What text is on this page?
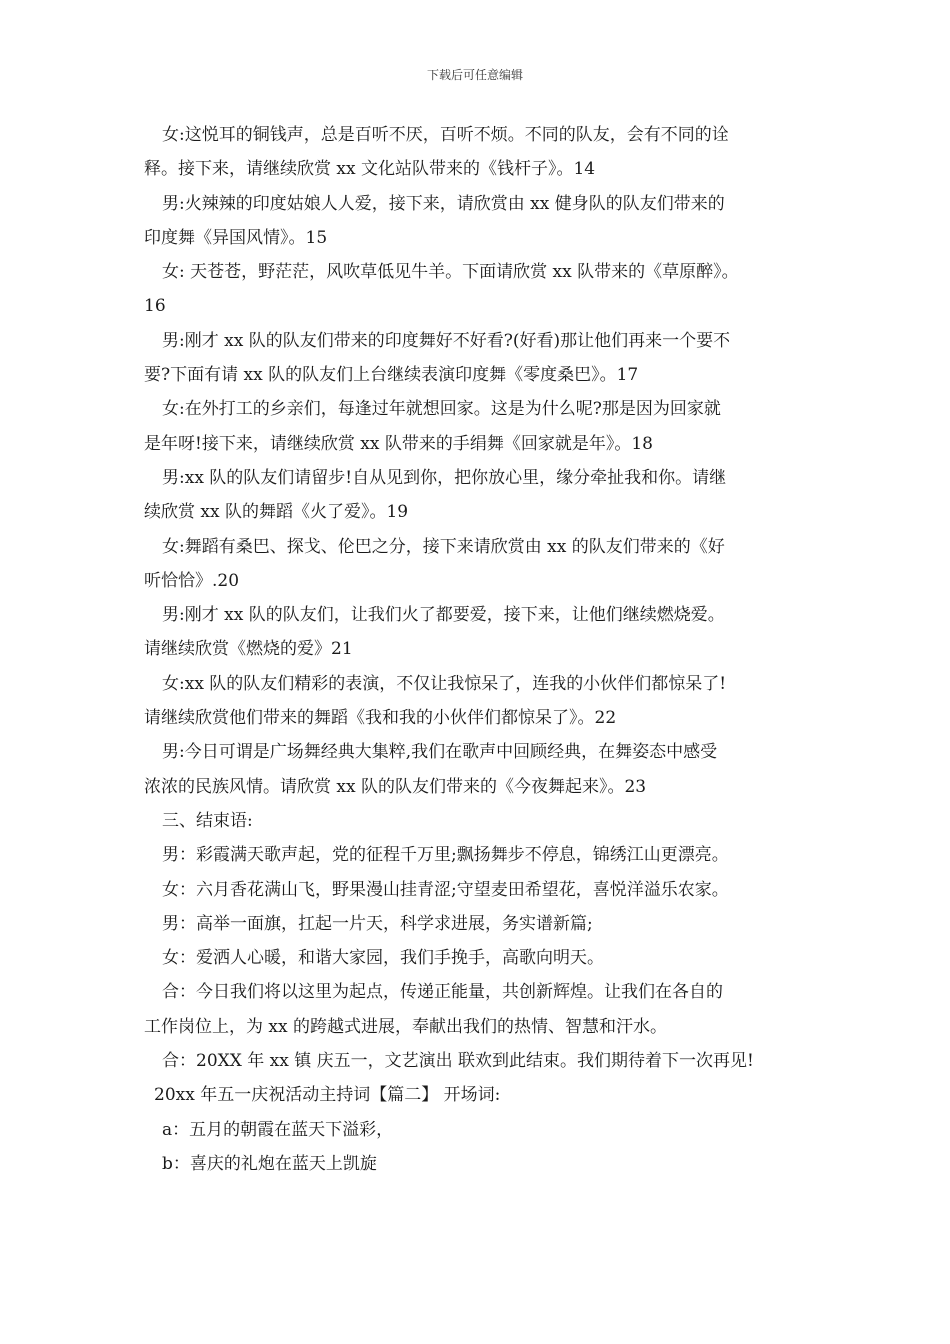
下载后可任意编辑
女:这悦耳的铜钱声，总是百听不厌，百听不烦。不同的队友，会有不同的诠
释。接下来，请继续欣赏 xx 文化站队带来的《钱杆子》。14
男:火辣辣的印度姑娘人人爱，接下来，请欣赏由 xx 健身队的队友们带来的
印度舞《异国风情》。15
女: 天苍苍，野茫茫，风吹草低见牛羊。下面请欣赏 xx 队带来的《草原醉》。
16
男:刚才 xx 队的队友们带来的印度舞好不好看?(好看)那让他们再来一个要不
要?下面有请 xx 队的队友们上台继续表演印度舞《零度桑巴》。17
女:在外打工的乡亲们，每逢过年就想回家。这是为什么呢?那是因为回家就
是年呀!接下来，请继续欣赏 xx 队带来的手绢舞《回家就是年》。18
男:xx 队的队友们请留步!自从见到你，把你放心里，缘分牵扯我和你。请继
续欣赏 xx 队的舞蹈《火了爱》。19
女:舞蹈有桑巴、探戈、伦巴之分，接下来请欣赏由 xx 的队友们带来的《好
听恰恰》.20
男:刚才 xx 队的队友们，让我们火了都要爱，接下来，让他们继续燃烧爱。
请继续欣赏《燃烧的爱》21
女:xx 队的队友们精彩的表演，不仅让我惊呆了，连我的小伙伴们都惊呆了!
请继续欣赏他们带来的舞蹈《我和我的小伙伴们都惊呆了》。22
男:今日可谓是广场舞经典大集粹,我们在歌声中回顾经典，在舞姿态中感受
浓浓的民族风情。请欣赏 xx 队的队友们带来的《今夜舞起来》。23
三、结束语:
男：彩霞满天歌声起，党的征程千万里;飘扬舞步不停息，锦绣江山更漂亮。
女：六月香花满山飞，野果漫山挂青涩;守望麦田希望花，喜悦洋溢乐农家。
男：高举一面旗，扛起一片天，科学求进展，务实谱新篇;
女：爱洒人心暖，和谐大家园，我们手挽手，高歌向明天。
合：今日我们将以这里为起点，传递正能量，共创新辉煌。让我们在各自的
工作岗位上，为 xx 的跨越式进展，奉献出我们的热情、智慧和汗水。
合：20XX 年 xx 镇 庆五一，文艺演出 联欢到此结束。我们期待着下一次再见!
20xx 年五一庆祝活动主持词【篇二】 开场词:
a：五月的朝霞在蓝天下溢彩，
b：喜庆的礼炮在蓝天上凯旋
